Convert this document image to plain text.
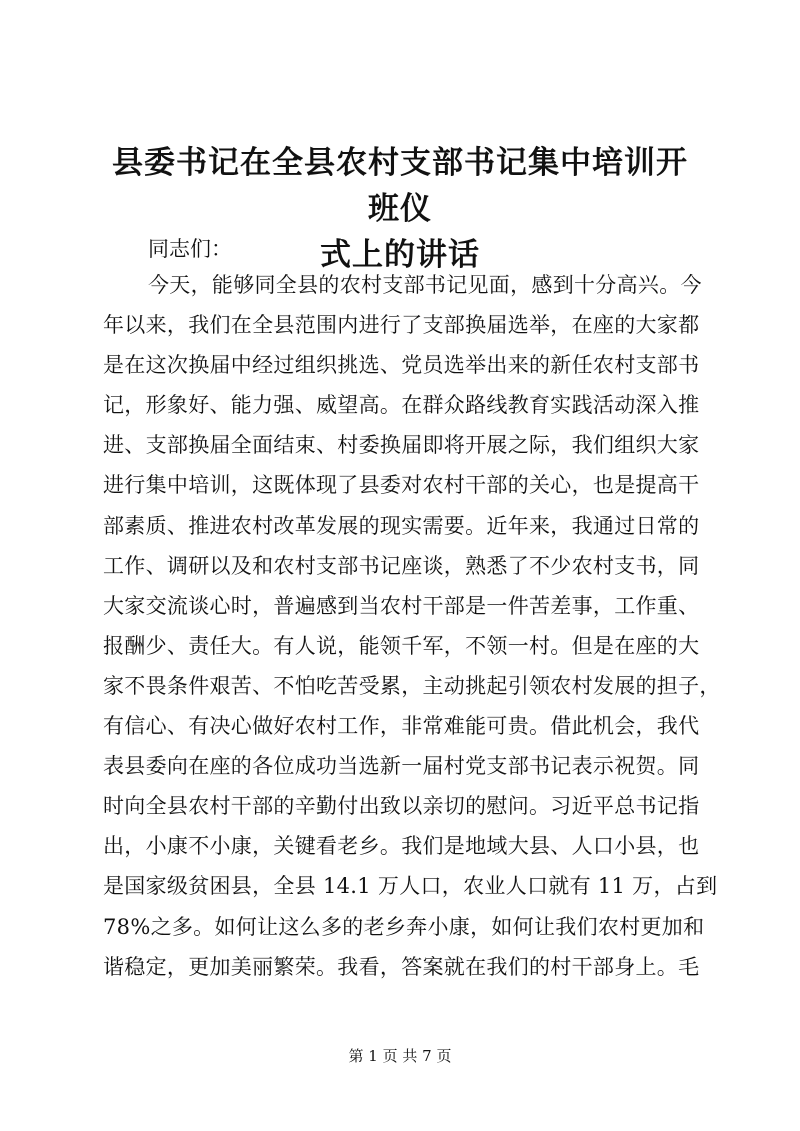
县委书记在全县农村支部书记集中培训开班仪
式上的讲话
同志们：
今天，能够同全县的农村支部书记见面，感到十分高兴。今
年以来，我们在全县范围内进行了支部换届选举，在座的大家都
是在这次换届中经过组织挑选、党员选举出来的新任农村支部书
记，形象好、能力强、威望高。在群众路线教育实践活动深入推
进、支部换届全面结束、村委换届即将开展之际，我们组织大家
进行集中培训，这既体现了县委对农村干部的关心，也是提高干
部素质、推进农村改革发展的现实需要。近年来，我通过日常的
工作、调研以及和农村支部书记座谈，熟悉了不少农村支书，同
大家交流谈心时，普遍感到当农村干部是一件苦差事，工作重、
报酬少、责任大。有人说，能领千军，不领一村。但是在座的大
家不畏条件艰苦、不怕吃苦受累，主动挑起引领农村发展的担子，
有信心、有决心做好农村工作，非常难能可贵。借此机会，我代
表县委向在座的各位成功当选新一届村党支部书记表示祝贺。同
时向全县农村干部的辛勤付出致以亲切的慰问。习近平总书记指
出，小康不小康，关键看老乡。我们是地域大县、人口小县，也
是国家级贫困县，全县 14.1 万人口，农业人口就有 11 万，占到
78%之多。如何让这么多的老乡奔小康，如何让我们农村更加和
谐稳定，更加美丽繁荣。我看，答案就在我们的村干部身上。毛
第 1 页 共 7 页
